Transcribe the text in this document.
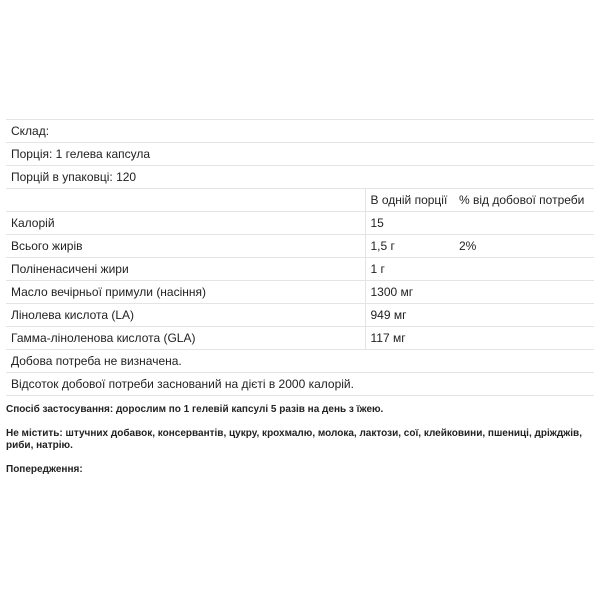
Склад:		
Порція: 1 гелева капсула		
Порцій в упаковці: 120		
	В одній порції	% від добової потреби
Калорій	15	
Всього жирів	1,5 г	2%
Поліненасичені жири	1 г	
Масло вечірньої примули (насіння)	1300 мг	
Лінолева кислота (LA)	949 мг	
Гамма-ліноленова кислота (GLA)	117 мг	
Добова потреба не визначена.		
Відсоток добової потреби заснований на дієті в 2000 калорій.		

Спосіб застосування: дорослим по 1 гелевій капсулі 5 разів на день з їжею.

Не містить: штучних добавок, консервантів, цукру, крохмалю, молока, лактози, сої, клейковини, пшениці, дріжджів, риби, натрію.

Попередження:
